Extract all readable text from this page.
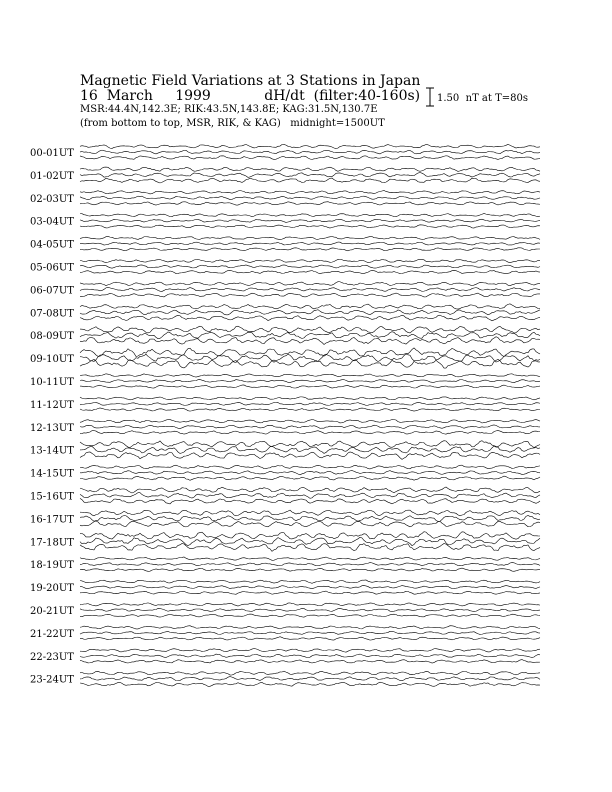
Magnetic Field Variations at 3 Stations in Japan
16  March     1999	dH/dt  (filter:40-160s)
MSR:44.4N,142.3E; RIK:43.5N,143.8E; KAG:31.5N,130.7E
(from bottom to top, MSR, RIK, & KAG)   midnight=1500UT
1.50  nT at T=80s
00-01UT
01-02UT
02-03UT
03-04UT
04-05UT
05-06UT
06-07UT
07-08UT
08-09UT
09-10UT
10-11UT
11-12UT
12-13UT
13-14UT
14-15UT
15-16UT
16-17UT
17-18UT
18-19UT
19-20UT
20-21UT
21-22UT
22-23UT
23-24UT
